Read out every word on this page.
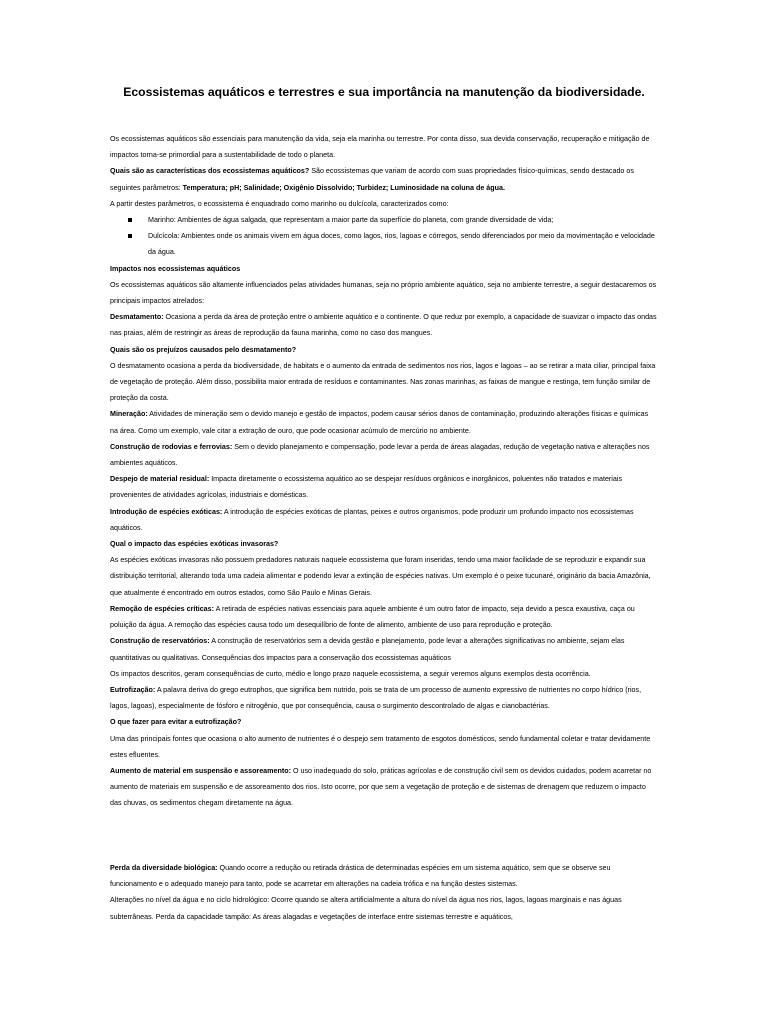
Ecossistemas aquáticos e terrestres e sua importância na manutenção da biodiversidade.

Os ecossistemas aquáticos são essenciais para manutenção da vida, seja ela marinha ou terrestre. Por conta disso, sua devida conservação, recuperação e mitigação de impactos torna-se primordial para a sustentabilidade de todo o planeta.

Quais são as características dos ecossistemas aquáticos? São ecossistemas que variam de acordo com suas propriedades físico-químicas, sendo destacado os seguintes parâmetros: Temperatura; pH; Salinidade; Oxigênio Dissolvido; Turbidez; Luminosidade na coluna de água.

A partir destes parâmetros, o ecossistema é enquadrado como marinho ou dulcícola, caracterizados como:

Marinho: Ambientes de água salgada, que representam a maior parte da superfície do planeta, com grande diversidade de vida;
Dulcícola: Ambientes onde os animais vivem em água doces, como lagos, rios, lagoas e córregos, sendo diferenciados por meio da movimentação e velocidade da água.

Impactos nos ecossistemas aquáticos

Os ecossistemas aquáticos são altamente influenciados pelas atividades humanas, seja no próprio ambiente aquático, seja no ambiente terrestre, a seguir destacaremos os principais impactos atrelados:

Desmatamento: Ocasiona a perda da área de proteção entre o ambiente aquático e o continente. O que reduz por exemplo, a capacidade de suavizar o impacto das ondas nas praias, além de restringir as áreas de reprodução da fauna marinha, como no caso dos mangues.

Quais são os prejuízos causados pelo desmatamento?

O desmatamento ocasiona a perda da biodiversidade, de habitats e o aumento da entrada de sedimentos nos rios, lagos e lagoas – ao se retirar a mata ciliar, principal faixa de vegetação de proteção. Além disso, possibilita maior entrada de resíduos e contaminantes. Nas zonas marinhas, as faixas de mangue e restinga, tem função similar de proteção da costa.

Mineração: Atividades de mineração sem o devido manejo e gestão de impactos, podem causar sérios danos de contaminação, produzindo alterações físicas e químicas na área. Como um exemplo, vale citar a extração de ouro, que pode ocasionar acúmulo de mercúrio no ambiente.

Construção de rodovias e ferrovias: Sem o devido planejamento e compensação, pode levar a perda de áreas alagadas, redução de vegetação nativa e alterações nos ambientes aquáticos.

Despejo de material residual: Impacta diretamente o ecossistema aquático ao se despejar resíduos orgânicos e inorgânicos, poluentes não tratados e materiais provenientes de atividades agrícolas, industriais e domésticas.

Introdução de espécies exóticas: A introdução de espécies exóticas de plantas, peixes e outros organismos, pode produzir um profundo impacto nos ecossistemas aquáticos.

Qual o impacto das espécies exóticas invasoras?

As espécies exóticas invasoras não possuem predadores naturais naquele ecossistema que foram inseridas, tendo uma maior facilidade de se reproduzir e expandir sua distribuição territorial, alterando toda uma cadeia alimentar e podendo levar a extinção de espécies nativas. Um exemplo é o peixe tucunaré, originário da bacia Amazônia, que atualmente é encontrado em outros estados, como São Paulo e Minas Gerais.

Remoção de espécies críticas: A retirada de espécies nativas essenciais para aquele ambiente é um outro fator de impacto, seja devido a pesca exaustiva, caça ou poluição da água. A remoção das espécies causa todo um desequilíbrio de fonte de alimento, ambiente de uso para reprodução e proteção.

Construção de reservatórios: A construção de reservatórios sem a devida gestão e planejamento, pode levar a alterações significativas no ambiente, sejam elas quantitativas ou qualitativas. Consequências dos impactos para a conservação dos ecossistemas aquáticos

Os impactos descritos, geram consequências de curto, médio e longo prazo naquele ecossistema, a seguir veremos alguns exemplos desta ocorrência.

Eutrofização: A palavra deriva do grego eutrophos, que significa bem nutrido, pois se trata de um processo de aumento expressivo de nutrientes no corpo hídrico (rios, lagos, lagoas), especialmente de fósforo e nitrogênio, que por consequência, causa o surgimento descontrolado de algas e cianobactérias.

O que fazer para evitar a eutrofização?

Uma das principais fontes que ocasiona o alto aumento de nutrientes é o despejo sem tratamento de esgotos domésticos, sendo fundamental coletar e tratar devidamente estes efluentes.

Aumento de material em suspensão e assoreamento: O uso inadequado do solo, práticas agrícolas e de construção civil sem os devidos cuidados, podem acarretar no aumento de materiais em suspensão e de assoreamento dos rios. Isto ocorre, por que sem a vegetação de proteção e de sistemas de drenagem que reduzem o impacto das chuvas, os sedimentos chegam diretamente na água.

Perda da diversidade biológica: Quando ocorre a redução ou retirada drástica de determinadas espécies em um sistema aquático, sem que se observe seu funcionamento e o adequado manejo para tanto, pode se acarretar em alterações na cadeia trófica e na função destes sistemas.

Alterações no nível da água e no ciclo hidrológico: Ocorre quando se altera artificialmente a altura do nível da água nos rios, lagos, lagoas marginais e nas águas subterrâneas. Perda da capacidade tampão: As áreas alagadas e vegetações de interface entre sistemas terrestre e aquáticos,
